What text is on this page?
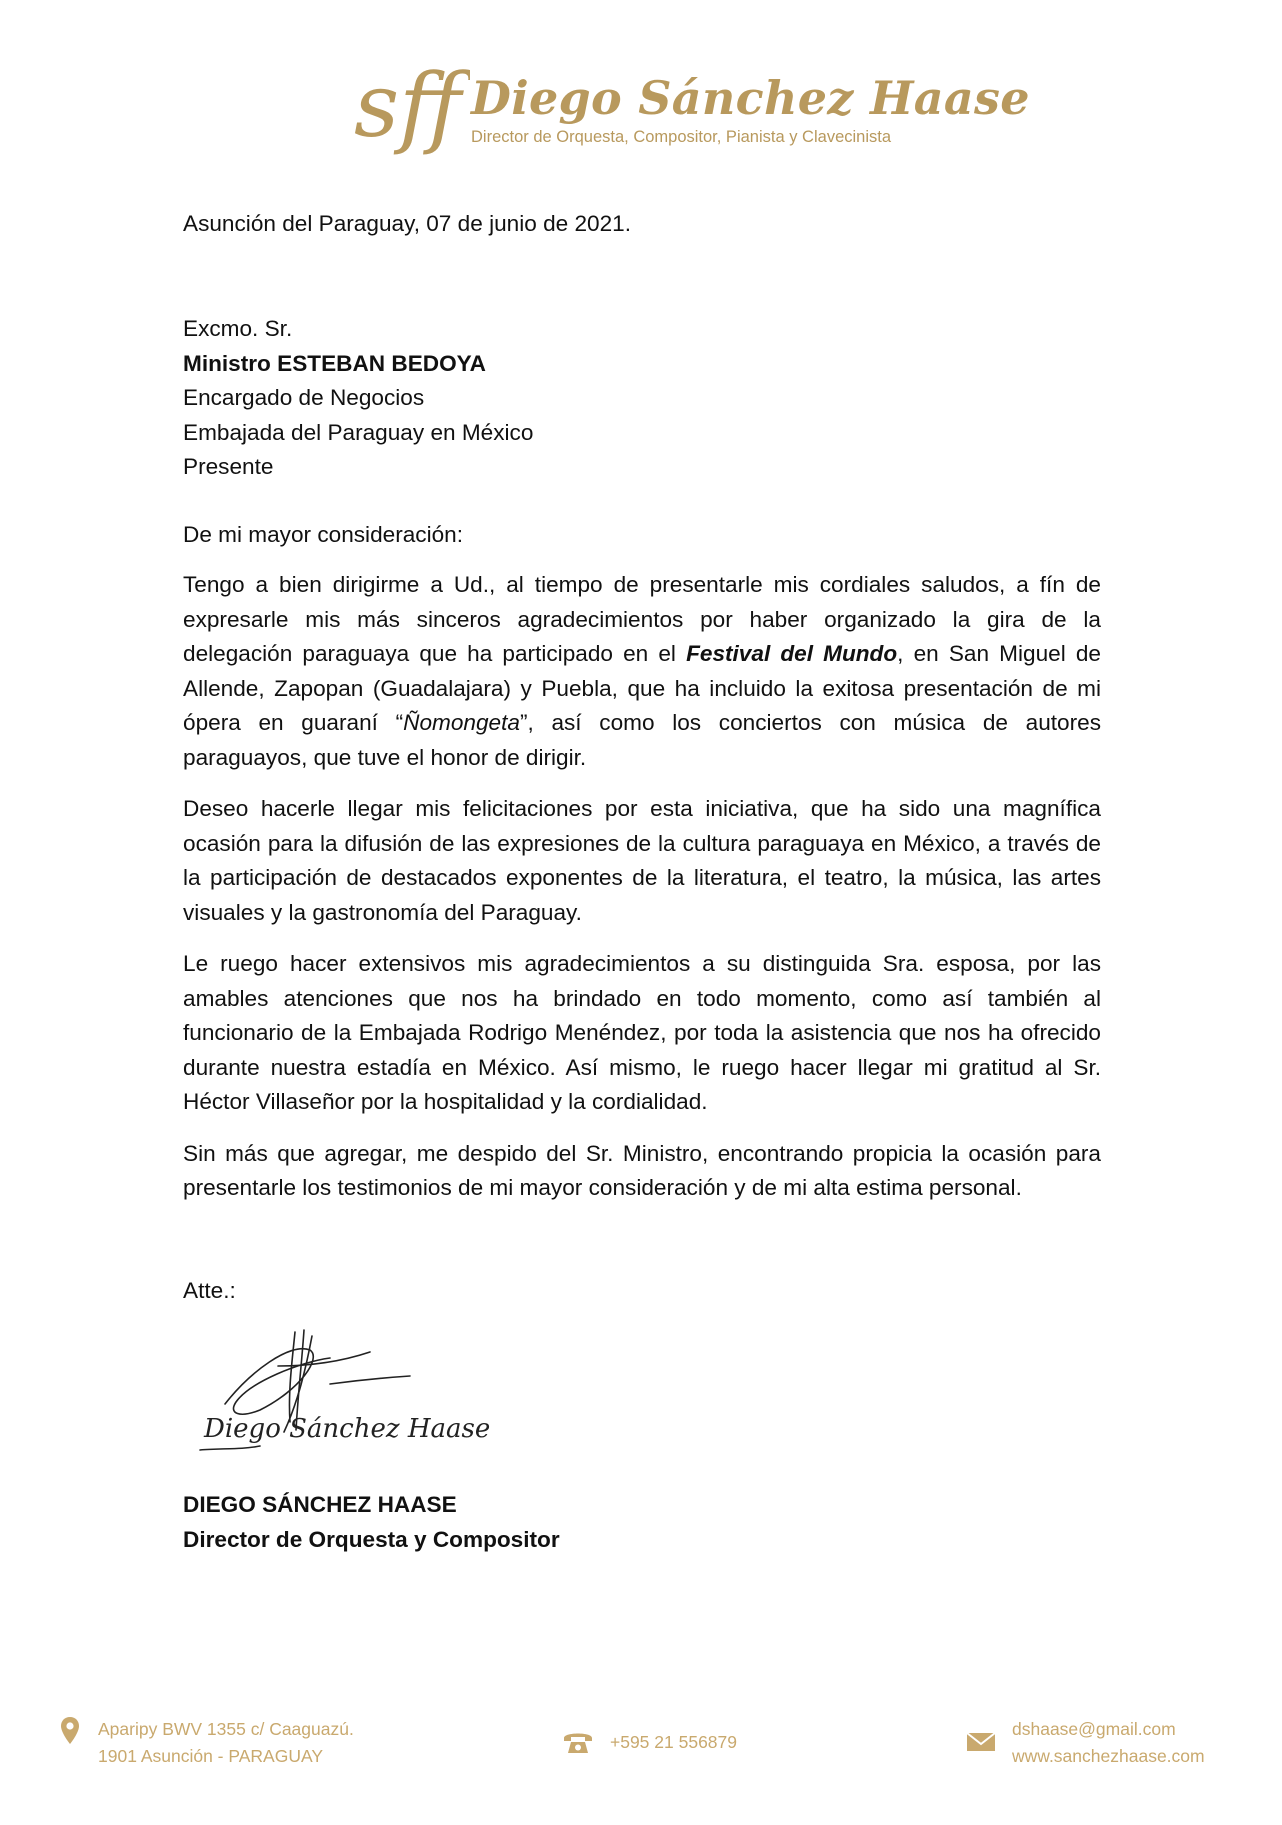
sff Diego Sánchez Haase
Director de Orquesta, Compositor, Pianista y Clavecinista
Asunción del Paraguay, 07 de junio de 2021.
Excmo. Sr.
Ministro ESTEBAN BEDOYA
Encargado de Negocios
Embajada del Paraguay en México
Presente
De mi mayor consideración:

Tengo a bien dirigirme a Ud., al tiempo de presentarle mis cordiales saludos, a fín de expresarle mis más sinceros agradecimientos por haber organizado la gira de la delegación paraguaya que ha participado en el Festival del Mundo, en San Miguel de Allende, Zapopan (Guadalajara) y Puebla, que ha incluido la exitosa presentación de mi ópera en guaraní “Ñomongeta”, así como los conciertos con música de autores paraguayos, que tuve el honor de dirigir.

Deseo hacerle llegar mis felicitaciones por esta iniciativa, que ha sido una magnífica ocasión para la difusión de las expresiones de la cultura paraguaya en México, a través de la participación de destacados exponentes de la literatura, el teatro, la música, las artes visuales y la gastronomía del Paraguay.

Le ruego hacer extensivos mis agradecimientos a su distinguida Sra. esposa, por las amables atenciones que nos ha brindado en todo momento, como así también al funcionario de la Embajada Rodrigo Menéndez, por toda la asistencia que nos ha ofrecido durante nuestra estadía en México. Así mismo, le ruego hacer llegar mi gratitud al Sr. Héctor Villaseñor por la hospitalidad y la cordialidad.

Sin más que agregar, me despido del Sr. Ministro, encontrando propicia la ocasión para presentarle los testimonios de mi mayor consideración y de mi alta estima personal.

Atte.:
Diego Sánchez Haase
DIEGO SÁNCHEZ HAASE
Director de Orquesta y Compositor
Aparipy BWV 1355 c/ Caaguazú.
1901 Asunción - PARAGUAY
+595 21 556879
dshaase@gmail.com
www.sanchezhaase.com
